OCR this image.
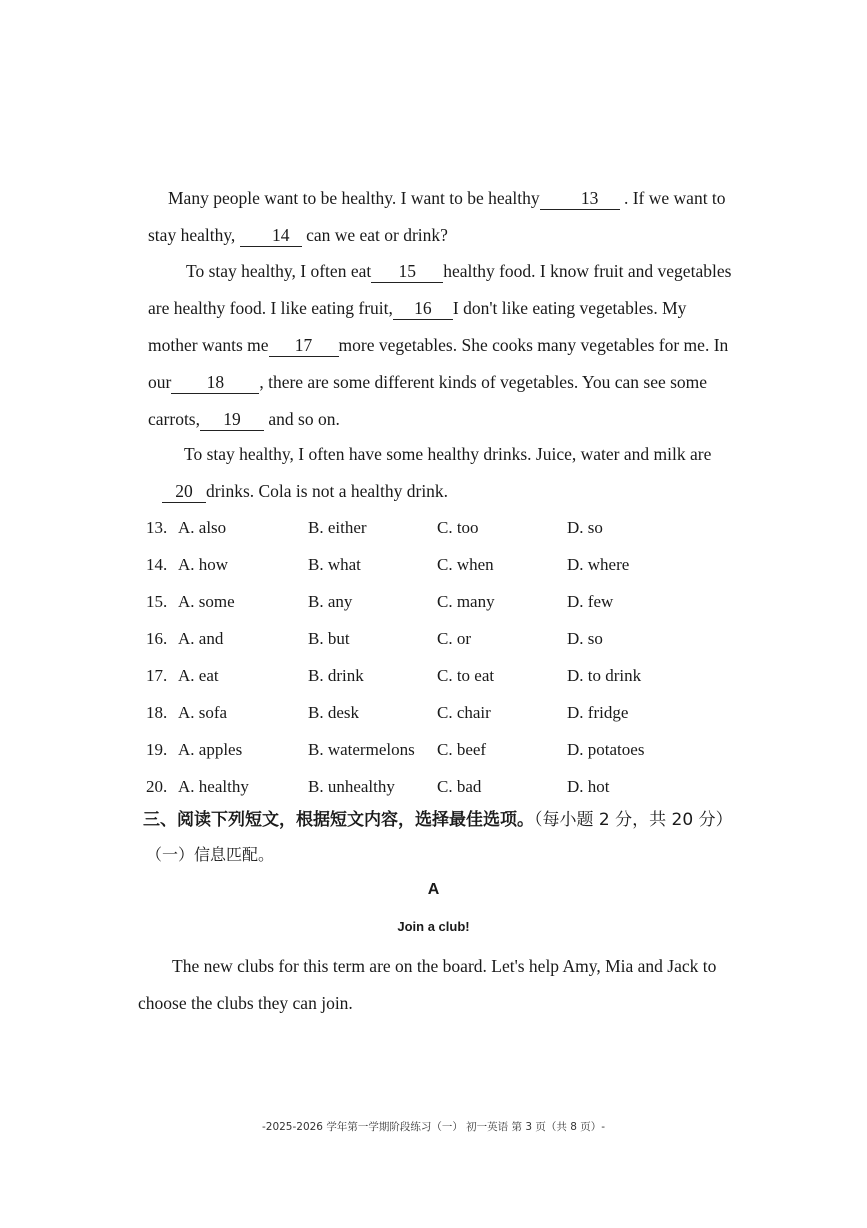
Many people want to be healthy. I want to be healthy 13 . If we want to
stay healthy, 14 can we eat or drink?
To stay healthy, I often eat 15 healthy food. I know fruit and vegetables
are healthy food. I like eating fruit, 16 I don't like eating vegetables. My
mother wants me 17 more vegetables. She cooks many vegetables for me. In
our 18 , there are some different kinds of vegetables. You can see some
carrots, 19 and so on.
To stay healthy, I often have some healthy drinks. Juice, water and milk are
20 drinks. Cola is not a healthy drink.
13. A. also	B. either	C. too	D. so
14. A. how	B. what	C. when	D. where
15. A. some	B. any	C. many	D. few
16. A. and	B. but	C. or	D. so
17. A. eat	B. drink	C. to eat	D. to drink
18. A. sofa	B. desk	C. chair	D. fridge
19. A. apples	B. watermelons C. beef	D. potatoes
20. A. healthy	B. unhealthy C. bad	D. hot
三、阅读下列短文，根据短文内容，选择最佳选项。（每小题 2 分，共 20 分）
（一）信息匹配。
A
Join a club!
The new clubs for this term are on the board. Let's help Amy, Mia and Jack to choose the clubs they can join.
-2025-2026 学年第一学期阶段练习（一） 初一英语 第 3 页（共 8 页）-
